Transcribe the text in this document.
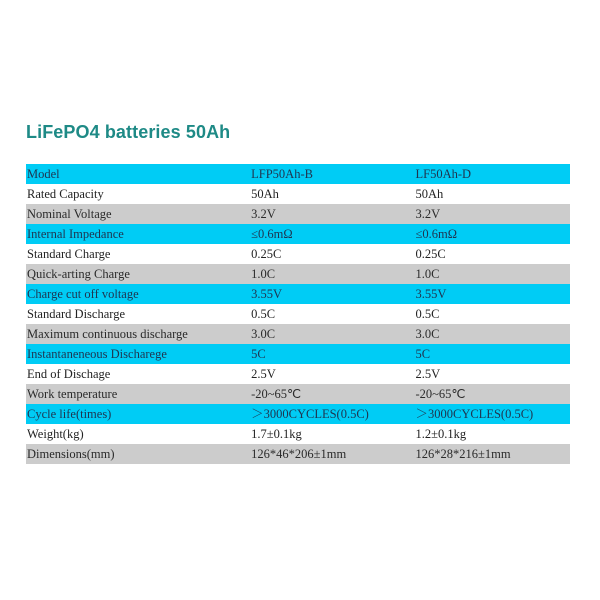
LiFePO4 batteries 50Ah
Model	LFP50Ah-B	LF50Ah-D
Rated Capacity	50Ah	50Ah
Nominal Voltage	3.2V	3.2V
Internal Impedance	≤0.6mΩ	≤0.6mΩ
Standard Charge	0.25C	0.25C
Quick-arting Charge	1.0C	1.0C
Charge cut off voltage	3.55V	3.55V
Standard Discharge	0.5C	0.5C
Maximum continuous discharge	3.0C	3.0C
Instantaneneous Discharege	5C	5C
End of Dischage	2.5V	2.5V
Work temperature	-20~65℃	-20~65℃
Cycle life(times)	＞3000CYCLES(0.5C)	＞3000CYCLES(0.5C)
Weight(kg)	1.7±0.1kg	1.2±0.1kg
Dimensions(mm)	126*46*206±1mm	126*28*216±1mm
